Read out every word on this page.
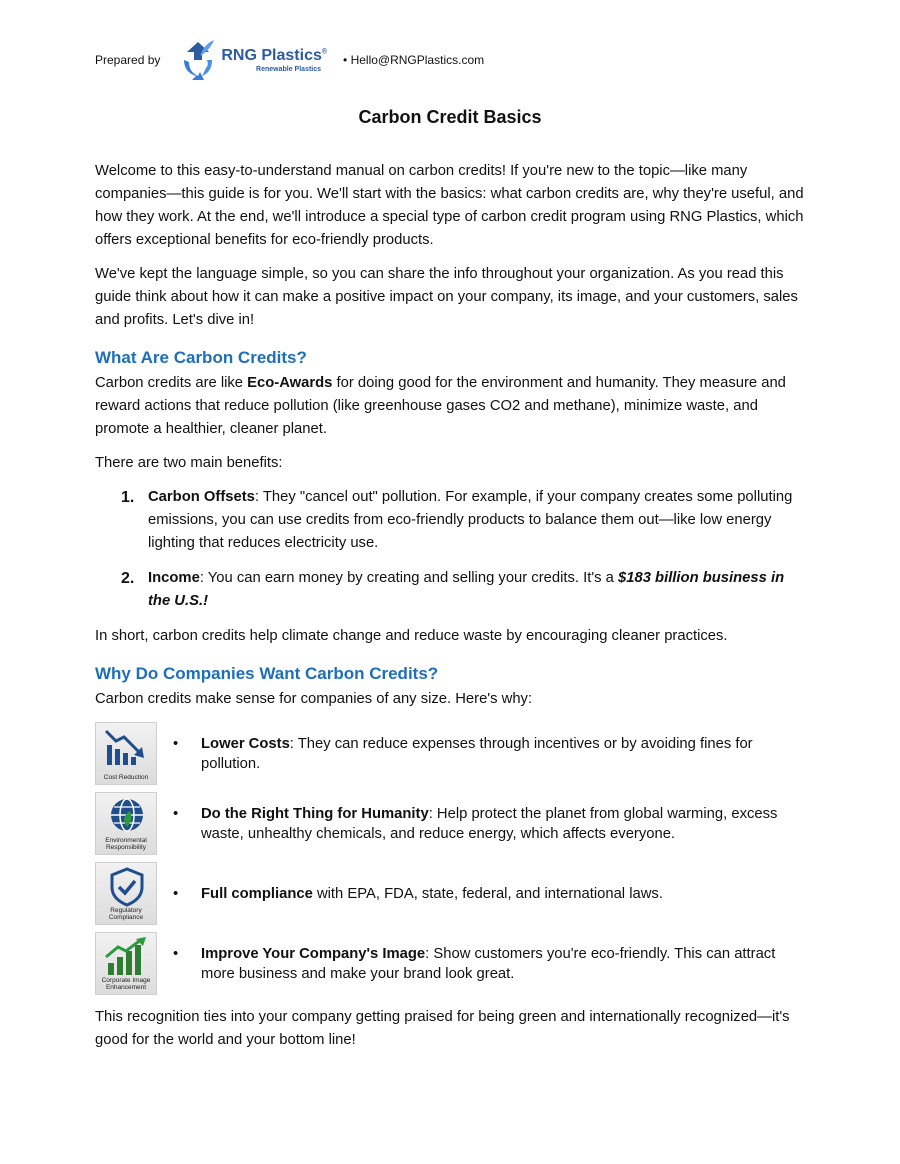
Prepared by	RNG Plastics®
Renewable Plastics
• Hello@RNGPlastics.com
Carbon Credit Basics

Welcome to this easy-to-understand manual on carbon credits! If you're new to the topic—like many companies—this guide is for you. We'll start with the basics: what carbon credits are, why they're useful, and how they work. At the end, we'll introduce a special type of carbon credit program using RNG Plastics, which offers exceptional benefits for eco-friendly products.

We've kept the language simple, so you can share the info throughout your organization. As you read this guide think about how it can make a positive impact on your company, its image, and your customers, sales and profits. Let's dive in!

What Are Carbon Credits?

Carbon credits are like Eco-Awards for doing good for the environment and humanity. They measure and reward actions that reduce pollution (like greenhouse gases CO2 and methane), minimize waste, and promote a healthier, cleaner planet.

There are two main benefits:

1. Carbon Offsets: They "cancel out" pollution. For example, if your company creates some polluting emissions, you can use credits from eco-friendly products to balance them out—like low energy lighting that reduces electricity use.
2. Income: You can earn money by creating and selling your credits. It's a $183 billion business in the U.S.!

In short, carbon credits help climate change and reduce waste by encouraging cleaner practices.

Why Do Companies Want Carbon Credits?

Carbon credits make sense for companies of any size. Here's why:

Cost Reduction
•	Lower Costs: They can reduce expenses through incentives or by avoiding fines for pollution.
Environmental Responsibility
•	Do the Right Thing for Humanity: Help protect the planet from global warming, excess waste, unhealthy chemicals, and reduce energy, which affects everyone.
Regulatory Compliance
•	Full compliance with EPA, FDA, state, federal, and international laws.
Corporate Image Enhancement
•	Improve Your Company's Image: Show customers you're eco-friendly. This can attract more business and make your brand look great.

This recognition ties into your company getting praised for being green and internationally recognized—it's good for the world and your bottom line!
